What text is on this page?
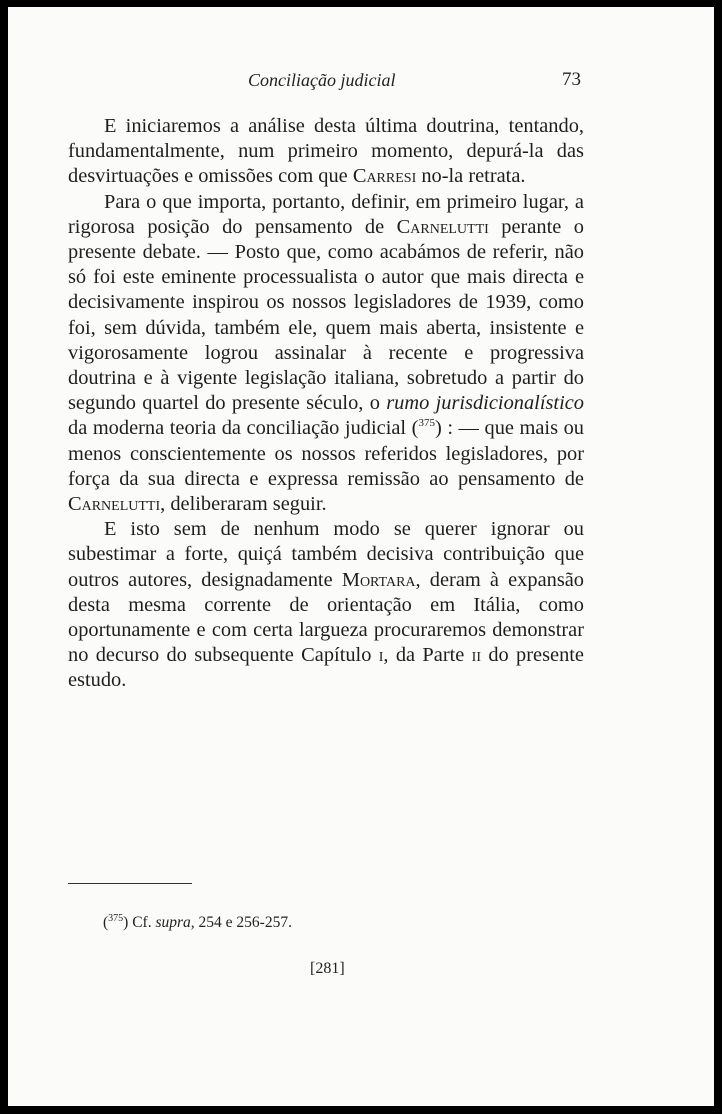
Conciliação judicial	73

E iniciaremos a análise desta última doutrina, tentando, fundamentalmente, num primeiro momento, depurá-la das desvirtuações e omissões com que Carresi no-la retrata.

Para o que importa, portanto, definir, em primeiro lugar, a rigorosa posição do pensamento de Carnelutti perante o presente debate. — Posto que, como acabámos de referir, não só foi este eminente processualista o autor que mais directa e decisivamente inspirou os nossos legisladores de 1939, como foi, sem dúvida, também ele, quem mais aberta, insistente e vigorosamente logrou assinalar à recente e progressiva doutrina e à vigente legislação italiana, sobretudo a partir do segundo quartel do presente século, o rumo jurisdicionalístico da moderna teoria da conciliação judicial ($^{375}$) : — que mais ou menos conscientemente os nossos referidos legisladores, por força da sua directa e expressa remissão ao pensamento de Carnelutti, deliberaram seguir.

E isto sem de nenhum modo se querer ignorar ou subestimar a forte, quiçá também decisiva contribuição que outros autores, designadamente Mortara, deram à expansão desta mesma corrente de orientação em Itália, como oportunamente e com certa largueza procuraremos demonstrar no decurso do subsequente Capítulo i, da Parte ii do presente estudo.

($^{375}$) Cf. supra, 254 e 256-257.
[281]
